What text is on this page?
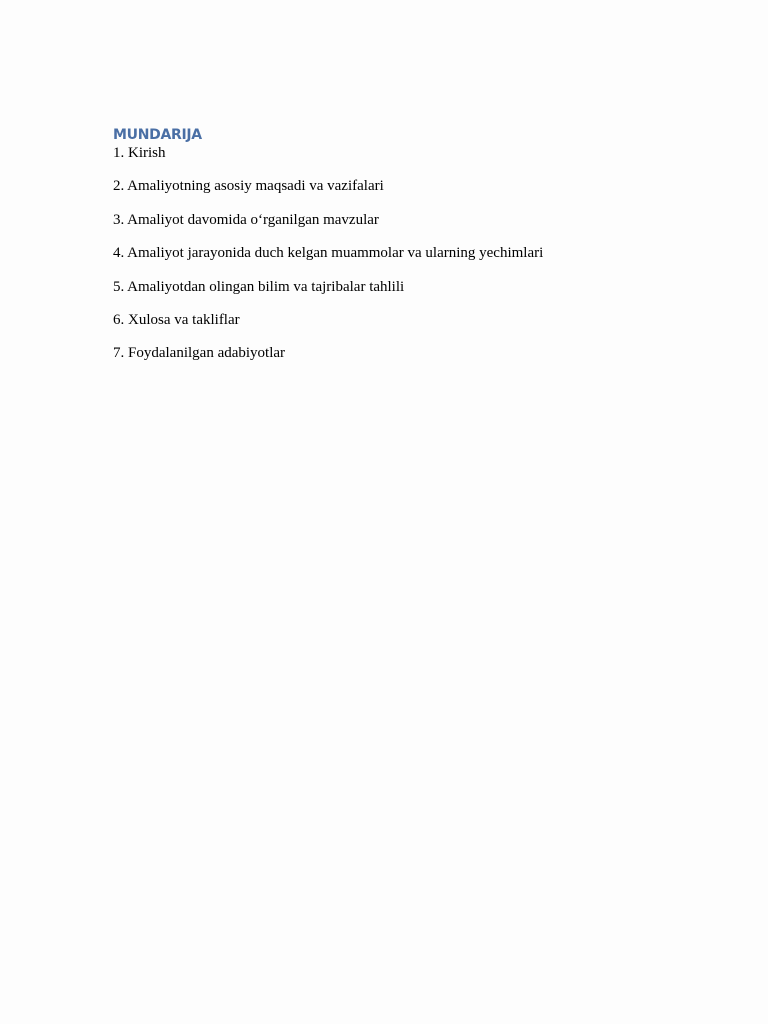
MUNDARIJA
1. Kirish
2. Amaliyotning asosiy maqsadi va vazifalari
3. Amaliyot davomida o‘rganilgan mavzular
4. Amaliyot jarayonida duch kelgan muammolar va ularning yechimlari
5. Amaliyotdan olingan bilim va tajribalar tahlili
6. Xulosa va takliflar
7. Foydalanilgan adabiyotlar
